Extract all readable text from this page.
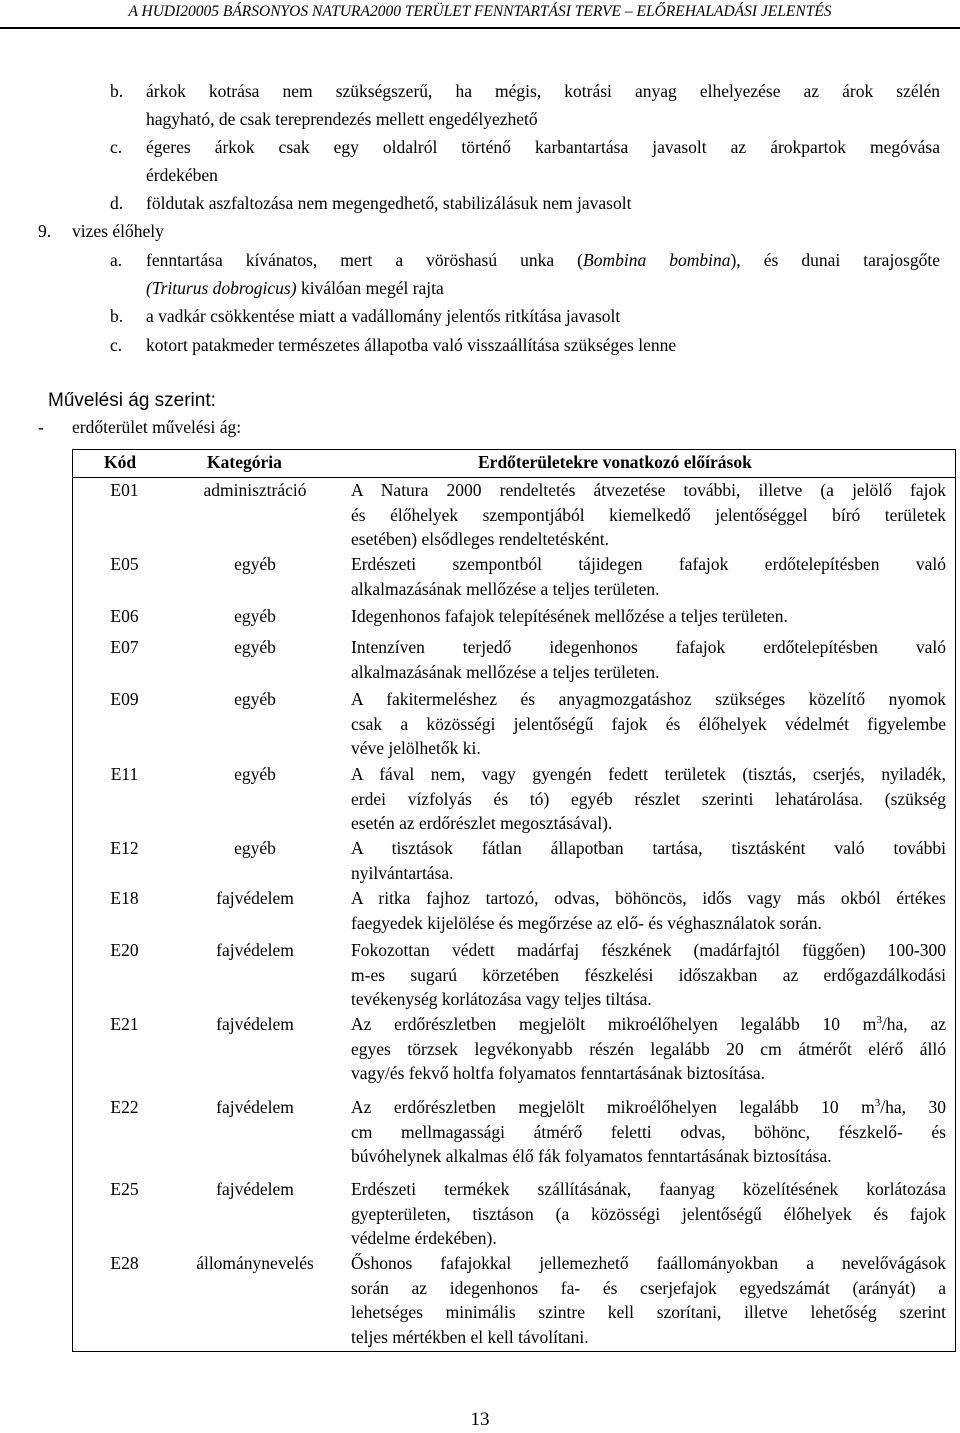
A HUDI20005 BÁRSONYOS NATURA2000 TERÜLET FENNTARTÁSI TERVE – ELŐREHALADÁSI JELENTÉS
b. árkok kotrása nem szükségszerű, ha mégis, kotrási anyag elhelyezése az árok szélén
hagyható, de csak tereprendezés mellett engedélyezhető
c. égeres árkok csak egy oldalról történő karbantartása javasolt az árokpartok megóvása
érdekében
d. földutak aszfaltozása nem megengedhető, stabilizálásuk nem javasolt
9. vizes élőhely
a. fenntartása kívánatos, mert a vöröshasú unka (Bombina bombina), és dunai tarajosgőte
(Triturus dobrogicus) kiválóan megél rajta
b. a vadkár csökkentése miatt a vadállomány jelentős ritkítása javasolt
c. kotort patakmeder természetes állapotba való visszaállítása szükséges lenne
Művelési ág szerint:
- erdőterület művelési ág:
Kód	Kategória	Erdőterületekre vonatkozó előírások
E01	adminisztráció	A Natura 2000 rendeltetés átvezetése további, illetve (a jelölő fajok
és élőhelyek szempontjából kiemelkedő jelentőséggel bíró területek
esetében) elsődleges rendeltetésként.
E05	egyéb	Erdészeti szempontból tájidegen fafajok erdőtelepítésben való
alkalmazásának mellőzése a teljes területen.
E06	egyéb	Idegenhonos fafajok telepítésének mellőzése a teljes területen.
E07	egyéb	Intenzíven terjedő idegenhonos fafajok erdőtelepítésben való
alkalmazásának mellőzése a teljes területen.
E09	egyéb	A fakitermeléshez és anyagmozgatáshoz szükséges közelítő nyomok
csak a közösségi jelentőségű fajok és élőhelyek védelmét figyelembe
véve jelölhetők ki.
E11	egyéb	A fával nem, vagy gyengén fedett területek (tisztás, cserjés, nyiladék,
erdei vízfolyás és tó) egyéb részlet szerinti lehatárolása. (szükség
esetén az erdőrészlet megosztásával).
E12	egyéb	A tisztások fátlan állapotban tartása, tisztásként való további
nyilvántartása.
E18	fajvédelem	A ritka fajhoz tartozó, odvas, böhöncös, idős vagy más okból értékes
faegyedek kijelölése és megőrzése az elő- és véghasználatok során.
E20	fajvédelem	Fokozottan védett madárfaj fészkének (madárfajtól függően) 100-300
m-es sugarú körzetében fészkelési időszakban az erdőgazdálkodási
tevékenység korlátozása vagy teljes tiltása.
E21	fajvédelem	Az erdőrészletben megjelölt mikroélőhelyen legalább 10 $m^3/ha$, az
egyes törzsek legvékonyabb részén legalább 20 cm átmérőt elérő álló
vagy/és fekvő holtfa folyamatos fenntartásának biztosítása.
E22	fajvédelem	Az erdőrészletben megjelölt mikroélőhelyen legalább 10 $m^3/ha$, 30
cm mellmagassági átmérő feletti odvas, böhönc, fészkelő- és
búvóhelynek alkalmas élő fák folyamatos fenntartásának biztosítása.
E25	fajvédelem	Erdészeti termékek szállításának, faanyag közelítésének korlátozása
gyepterületen, tisztáson (a közösségi jelentőségű élőhelyek és fajok
védelme érdekében).
E28	állománynevelés	Őshonos fafajokkal jellemezhető faállományokban a nevelővágások
során az idegenhonos fa- és cserjefajok egyedszámát (arányát) a
lehetséges minimális szintre kell szorítani, illetve lehetőség szerint
teljes mértékben el kell távolítani.
13
